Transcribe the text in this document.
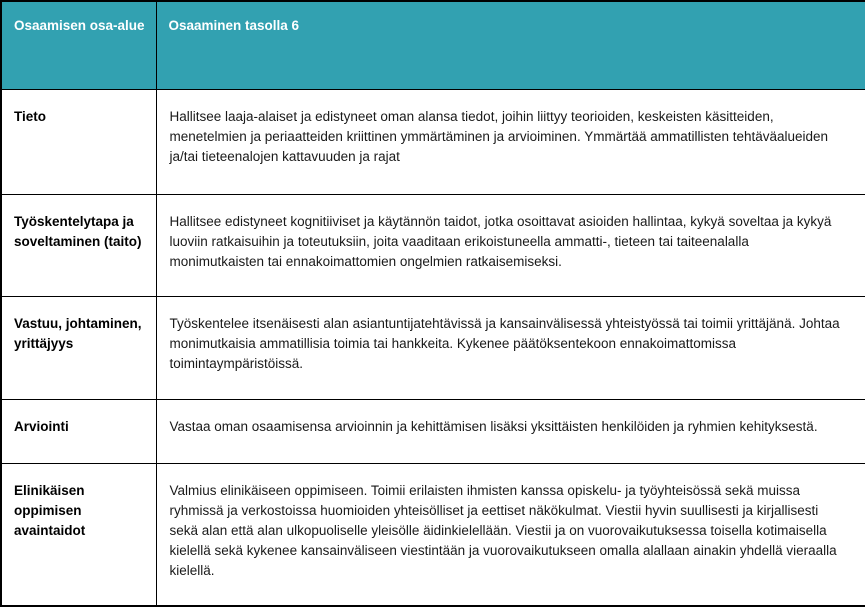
Osaamisen osa-alue	Osaaminen tasolla 6
Tieto	Hallitsee laaja-alaiset ja edistyneet oman alansa tiedot, joihin liittyy teorioiden, keskeisten käsitteiden, menetelmien ja periaatteiden kriittinen ymmärtäminen ja arvioiminen. Ymmärtää ammatillisten tehtäväalueiden ja/tai tieteenalojen kattavuuden ja rajat
Työskentelytapa ja soveltaminen (taito)	Hallitsee edistyneet kognitiiviset ja käytännön taidot, jotka osoittavat asioiden hallintaa, kykyä soveltaa ja kykyä luoviin ratkaisuihin ja toteutuksiin, joita vaaditaan erikoistuneella ammatti-, tieteen tai taiteenalalla monimutkaisten tai ennakoimattomien ongelmien ratkaisemiseksi.
Vastuu, johtaminen, yrittäjyys	Työskentelee itsenäisesti alan asiantuntijatehtävissä ja kansainvälisessä yhteistyössä tai toimii yrittäjänä. Johtaa monimutkaisia ammatillisia toimia tai hankkeita. Kykenee päätöksentekoon ennakoimattomissa toimintaympäristöissä.
Arviointi	Vastaa oman osaamisensa arvioinnin ja kehittämisen lisäksi yksittäisten henkilöiden ja ryhmien kehityksestä.
Elinikäisen oppimisen avaintaidot	Valmius elinikäiseen oppimiseen. Toimii erilaisten ihmisten kanssa opiskelu- ja työyhteisössä sekä muissa ryhmissä ja verkostoissa huomioiden yhteisölliset ja eettiset näkökulmat. Viestii hyvin suullisesti ja kirjallisesti sekä alan että alan ulkopuoliselle yleisölle äidinkielellään. Viestii ja on vuorovaikutuksessa toisella kotimaisella kielellä sekä kykenee kansainväliseen viestintään ja vuorovaikutukseen omalla alallaan ainakin yhdellä vieraalla kielellä.
